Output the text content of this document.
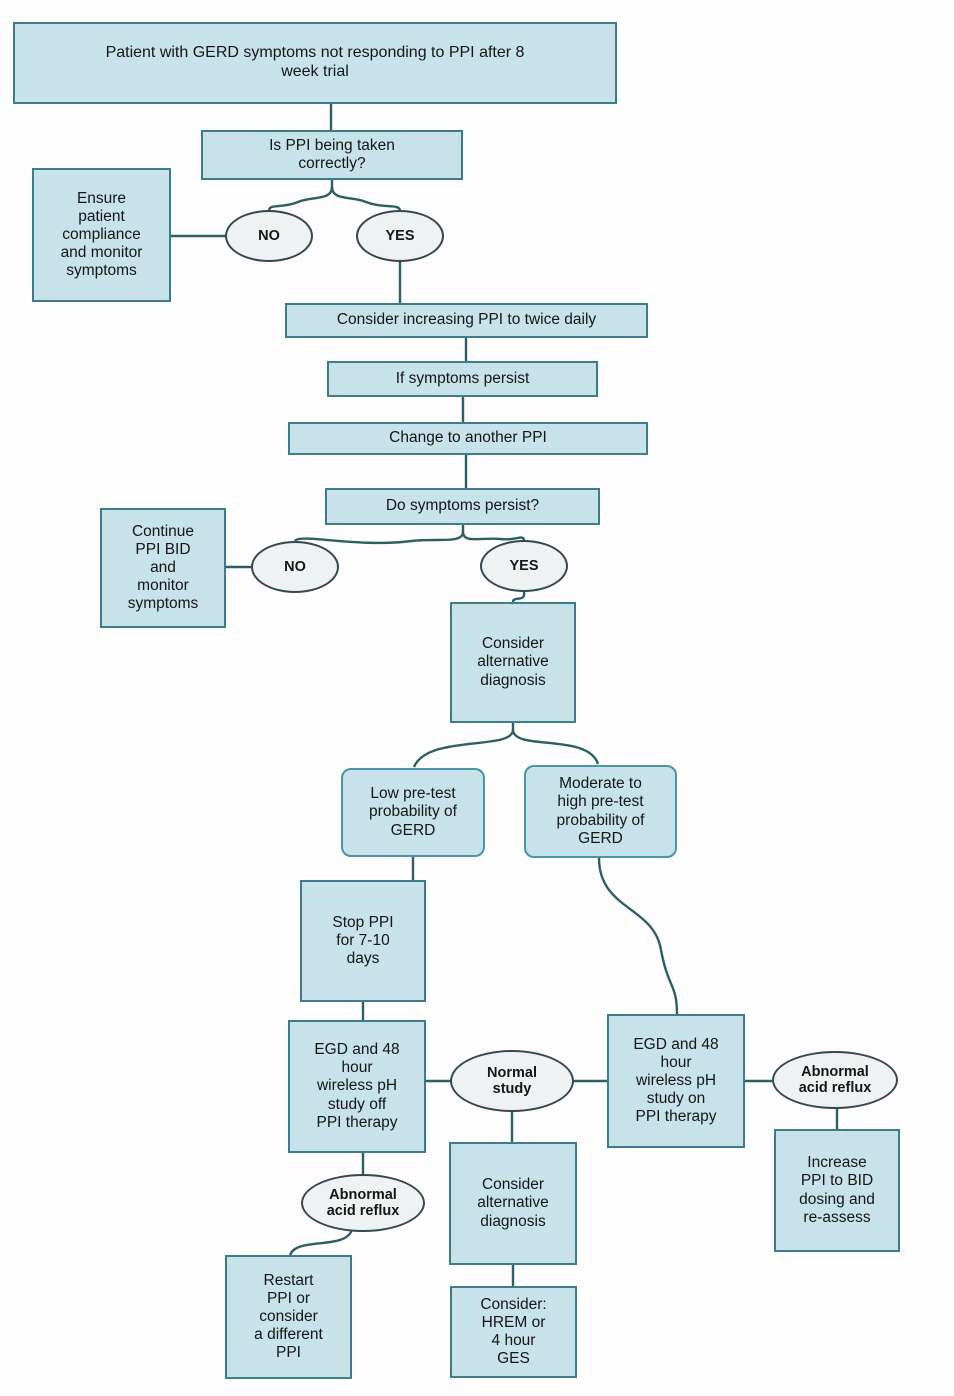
Patient with GERD symptoms not responding to PPI after 8 week trial
Is PPI being taken correctly?
Ensure patient compliance and monitor symptoms
Consider increasing PPI to twice daily
If symptoms persist
Change to another PPI
Do symptoms persist?
Continue PPI BID and monitor symptoms
Consider alternative diagnosis
Low pre-test probability of GERD
Moderate to high pre-test probability of GERD
Stop PPI for 7-10 days
EGD and 48 hour wireless pH study off PPI therapy
EGD and 48 hour wireless pH study on PPI therapy
Increase PPI to BID dosing and re-assess
Consider alternative diagnosis
Consider: HREM or 4 hour GES
Restart PPI or consider a different PPI
NO	YES
NO	YES
Normal study
Abnormal acid reflux
Abnormal acid reflux
